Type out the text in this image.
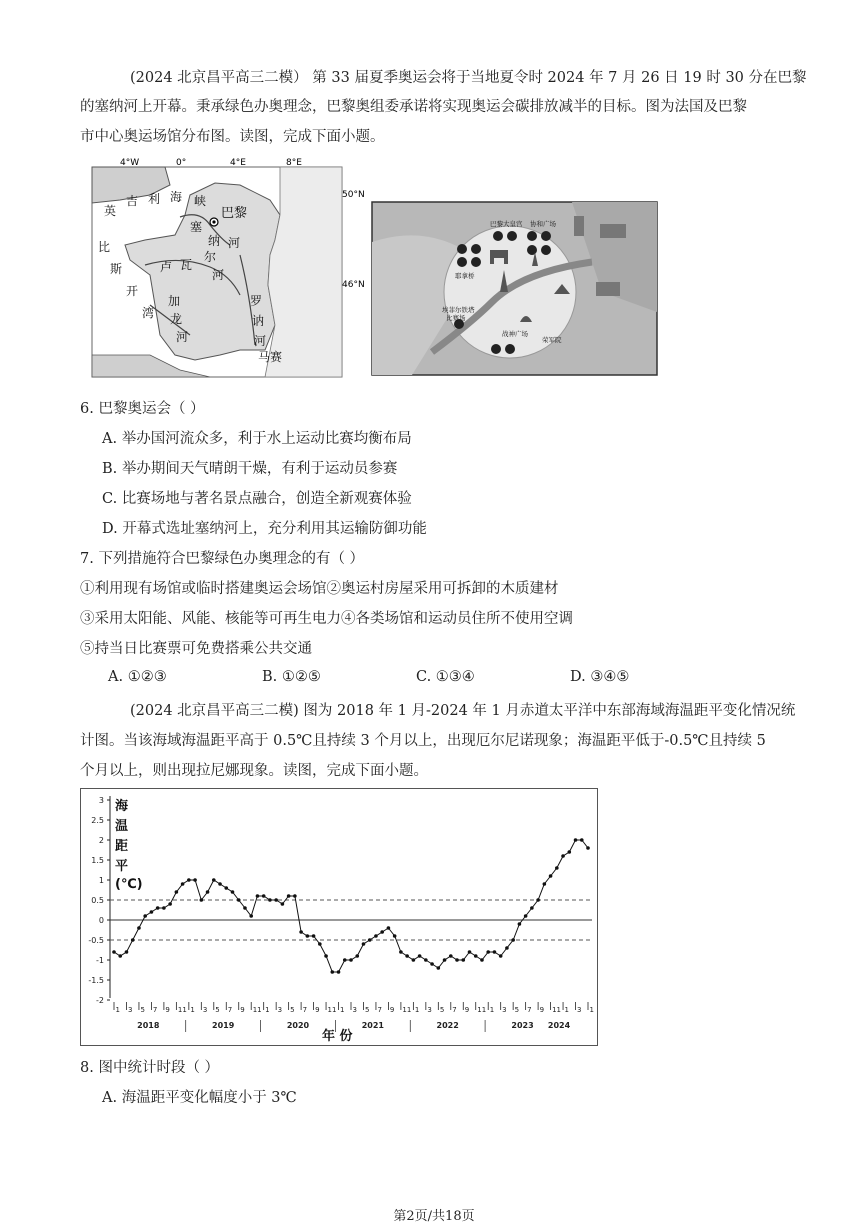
(2024 北京昌平高三二模） 第 33 届夏季奥运会将于当地夏令时 2024 年 7 月 26 日 19 时 30 分在巴黎
的塞纳河上开幕。秉承绿色办奥理念，巴黎奥组委承诺将实现奥运会碳排放减半的目标。图为法国及巴黎
市中心奥运场馆分布图。读图，完成下面小题。
4°W	0°	4°E	8°E
50°N
46°N
英
吉 利 海 峡
巴黎
塞
纳 河
比
斯
开
湾
卢 瓦
尔
河
加
龙
河
罗
讷
河
马赛
巴黎大皇宫 协和广场
荣军院
埃菲尔铁塔
战神广场
耶拿桥
比赛场
6. 巴黎奥运会（ ）
A. 举办国河流众多，利于水上运动比赛均衡布局
B. 举办期间天气晴朗干燥，有利于运动员参赛
C. 比赛场地与著名景点融合，创造全新观赛体验
D. 开幕式选址塞纳河上，充分利用其运输防御功能
7. 下列措施符合巴黎绿色办奥理念的有（ ）
①利用现有场馆或临时搭建奥运会场馆②奥运村房屋采用可拆卸的木质建材
③采用太阳能、风能、核能等可再生电力④各类场馆和运动员住所不使用空调
⑤持当日比赛票可免费搭乘公共交通
A. ①②③	B. ①②⑤	C. ①③④	D. ③④⑤
(2024 北京昌平高三二模) 图为 2018 年 1 月-2024 年 1 月赤道太平洋中东部海域海温距平变化情况统
计图。当该海域海温距平高于 0.5℃且持续 3 个月以上，出现厄尔尼诺现象；海温距平低于-0.5℃且持续 5
个月以上，则出现拉尼娜现象。读图，完成下面小题。
3
2.5
2
1.5
1
0.5
0
-0.5
-1
-1.5
-2
1 3 5 7 9 11 1 3 5 7 9 11 1 3 5 7 9 11 1 3 5 7 9 11 1 3 5 7 9 11 1 3 5 7 9 11 1 3 1
2018	2019	2020	2021	2022	2023 2024
海 温 距 平 (℃)
年 份
8. 图中统计时段（ ）
A. 海温距平变化幅度小于 3℃
第2页/共18页
